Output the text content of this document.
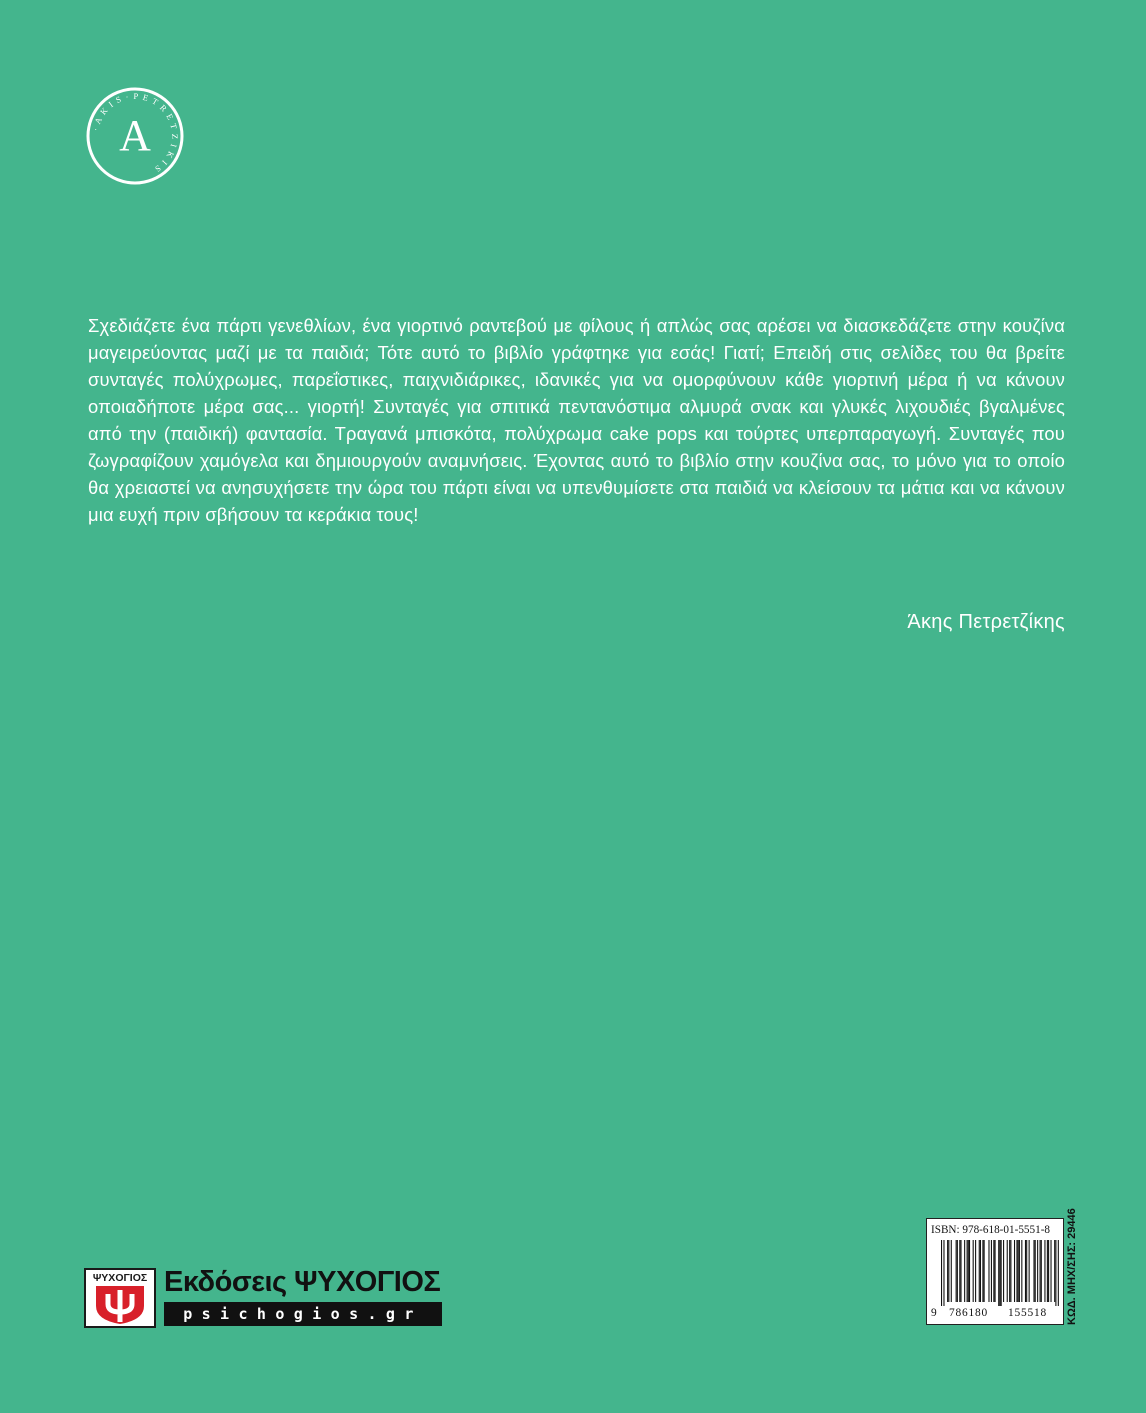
· A K I S · P E T R E T Z I K I S
A
Σχεδιάζετε ένα πάρτι γενεθλίων, ένα γιορτινό ραντεβού με φίλους ή απλώς σας αρέσει να διασκεδάζετε στην κουζίνα μαγειρεύοντας μαζί με τα παιδιά; Τότε αυτό το βιβλίο γράφτηκε για εσάς! Γιατί; Επειδή στις σελίδες του θα βρείτε συνταγές πολύχρωμες, παρεΐστικες, παιχνιδιάρικες, ιδανικές για να ομορφύνουν κάθε γιορτινή μέρα ή να κάνουν οποιαδήποτε μέρα σας... γιορτή! Συνταγές για σπιτικά πεντανόστιμα αλμυρά σνακ και γλυκές λιχουδιές βγαλμένες από την (παιδική) φαντασία. Τραγανά μπισκότα, πολύχρωμα cake pops και τούρτες υπερπαραγωγή. Συνταγές που ζωγραφίζουν χαμόγελα και δημιουργούν αναμνήσεις. Έχοντας αυτό το βιβλίο στην κουζίνα σας, το μόνο για το οποίο θα χρειαστεί να ανησυχήσετε την ώρα του πάρτι είναι να υπενθυμίσετε στα παιδιά να κλείσουν τα μάτια και να κάνουν μια ευχή πριν σβήσουν τα κεράκια τους!
Άκης Πετρετζίκης
ΨΥΧΟΓΙΟΣ Εκδόσεις ΨΥΧΟΓΙΟΣ
psichogios.gr
ISBN: 978-618-01-5551-8
9 786180 155518 ΚΩΔ. ΜΗΧ/ΣΗΣ: 29446
